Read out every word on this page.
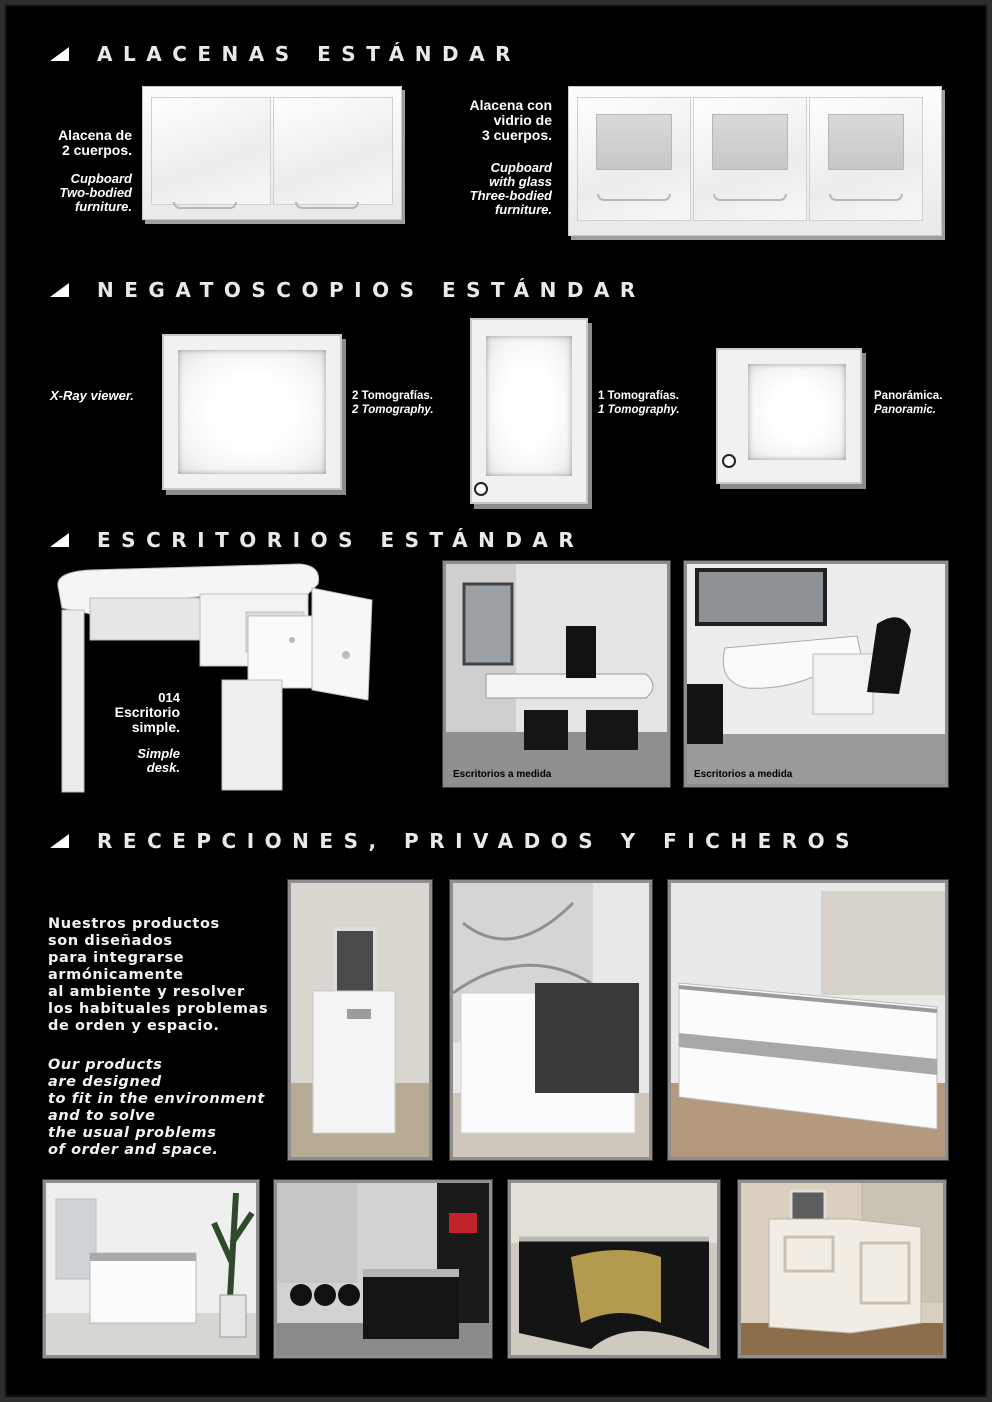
ALACENAS ESTÁNDAR
Alacena de
2 cuerpos.
Cupboard
Two-bodied
furniture.
Alacena con
vidrio de
3 cuerpos.
Cupboard
with glass
Three-bodied
furniture.
NEGATOSCOPIOS ESTÁNDAR
X-Ray viewer.	2 Tomografías.
2 Tomography.
1 Tomografías.
1 Tomography.
Panorámica.
Panoramic.
ESCRITORIOS ESTÁNDAR
014
Escritorio
simple.
Simple
desk.	Escritorios a medida	Escritorios a medida
RECEPCIONES, PRIVADOS Y FICHEROS

Nuestros productos
son diseñados
para integrarse
armónicamente
al ambiente y resolver
los habituales problemas
de orden y espacio.

Our products
are designed
to fit in the environment
and to solve
the usual problems
of order and space.
